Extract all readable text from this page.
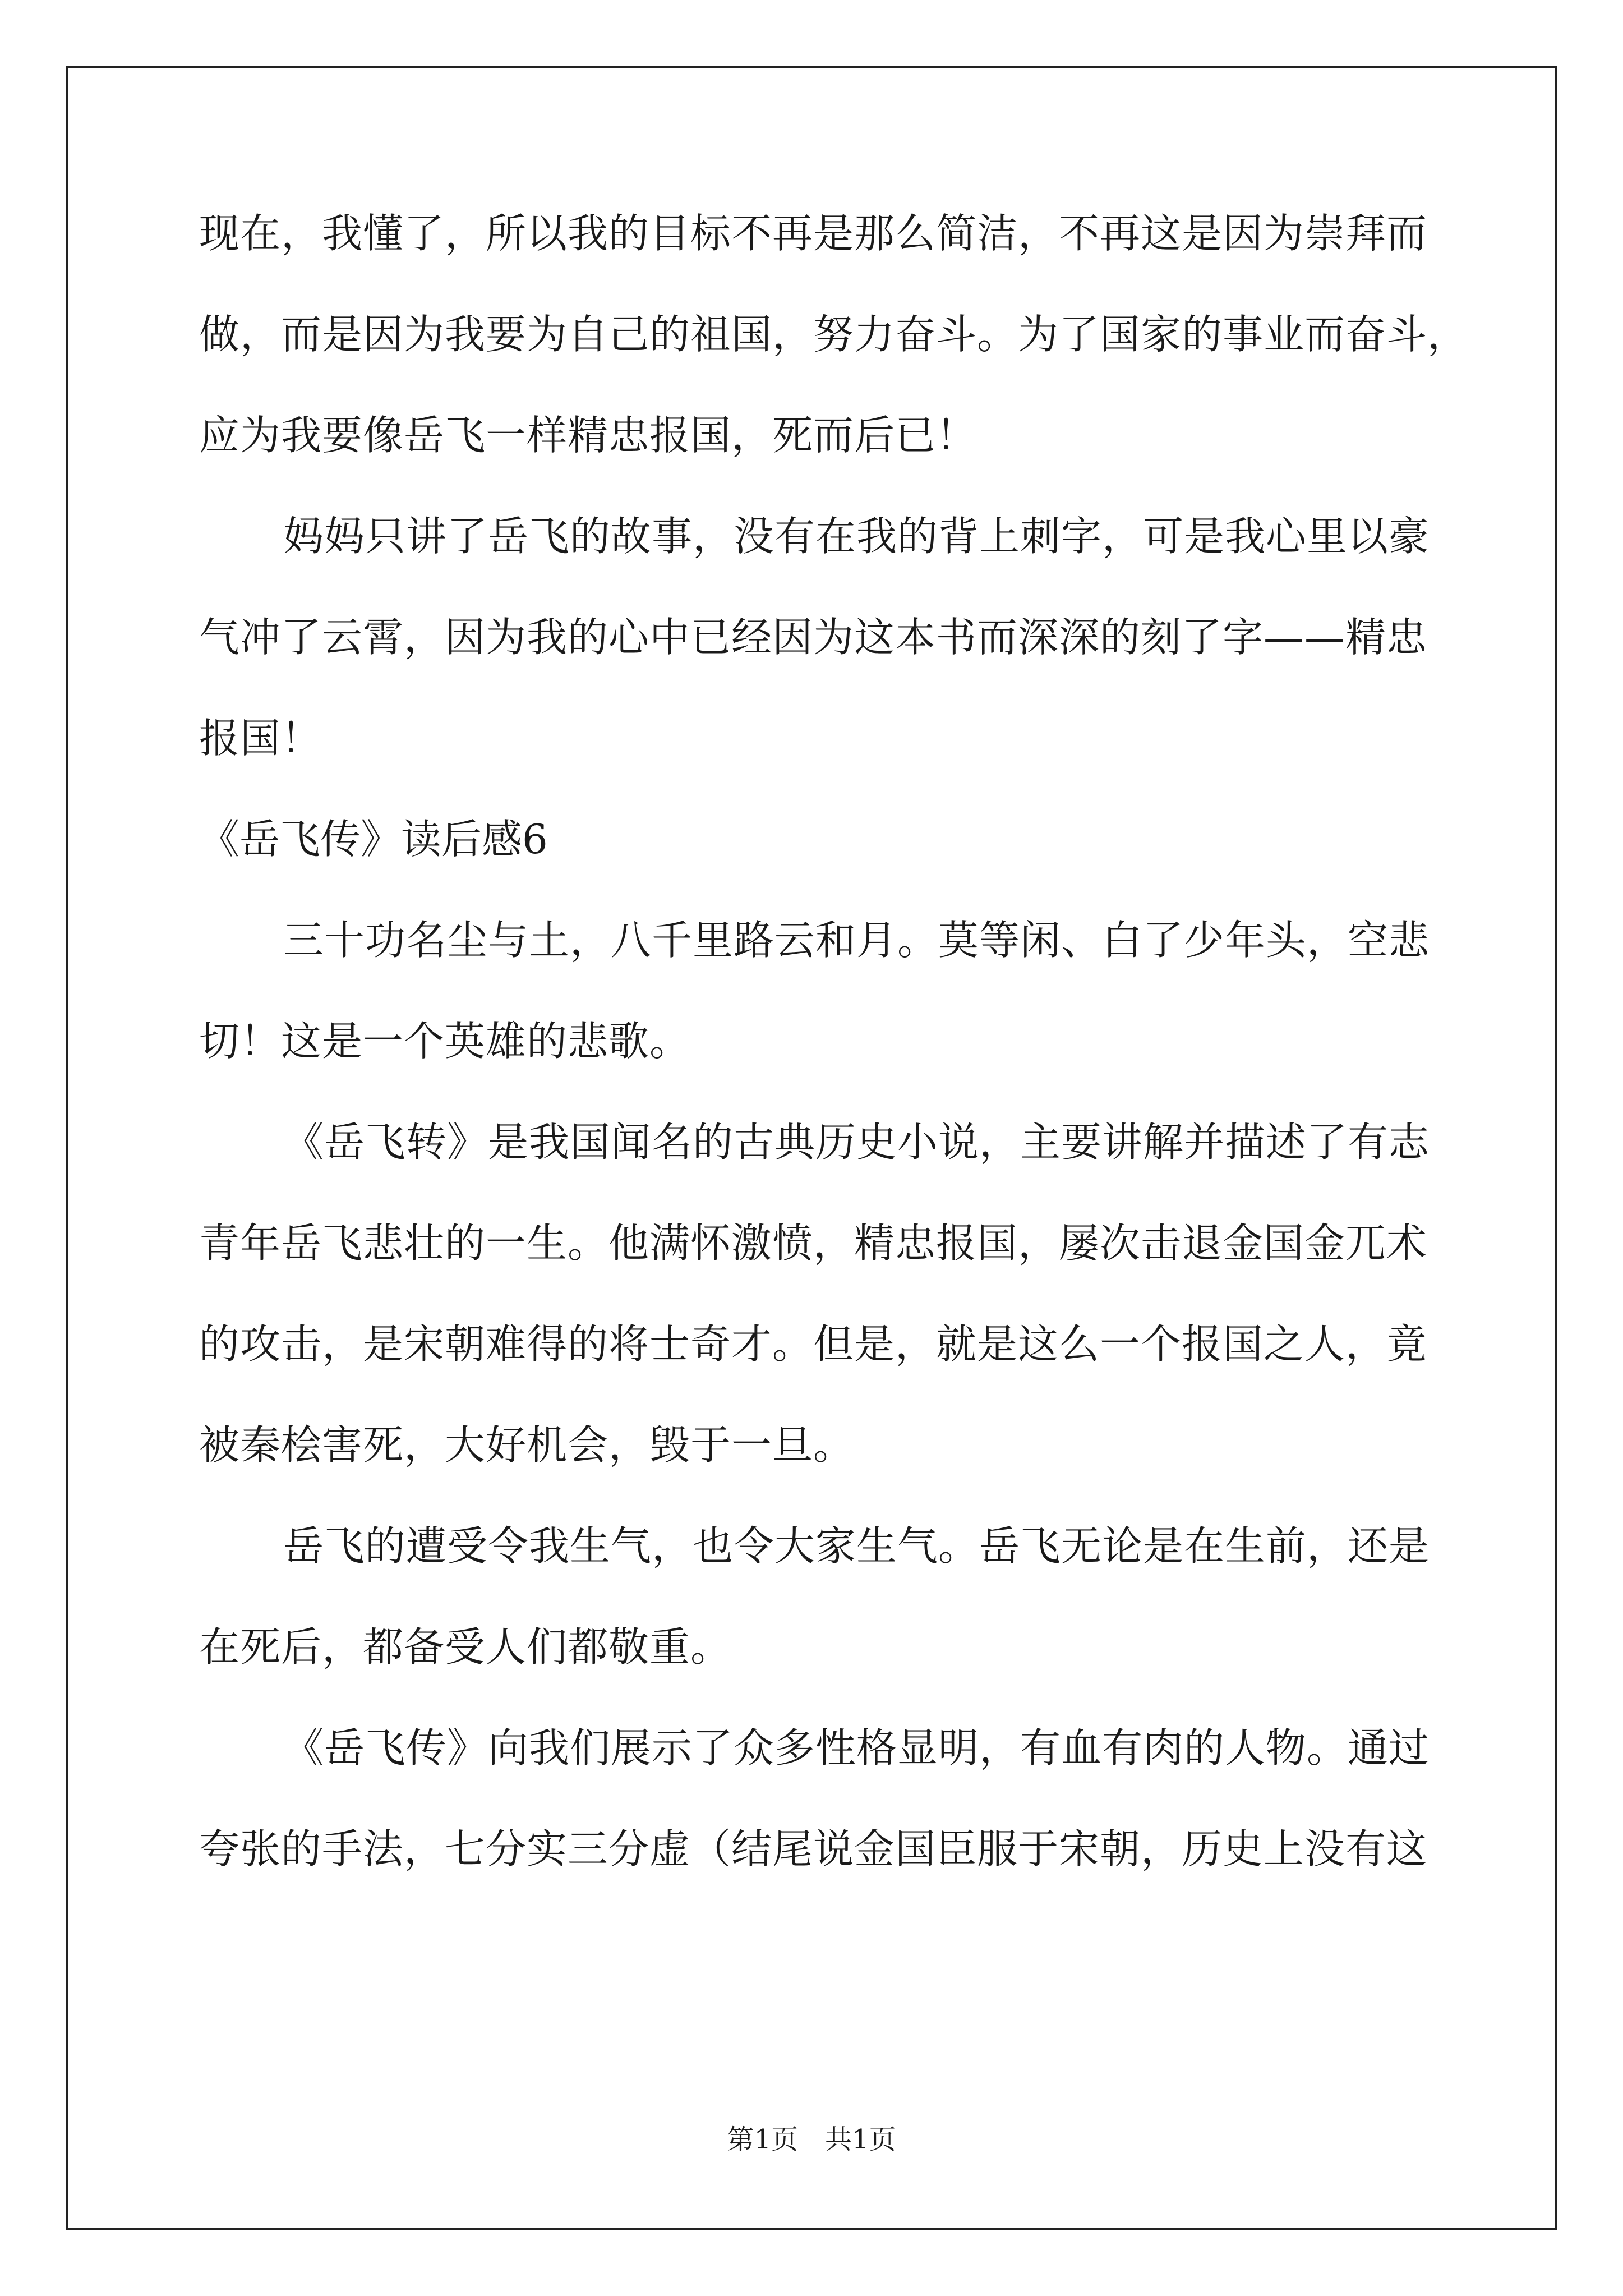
现在，我懂了，所以我的目标不再是那么简洁，不再这是因为崇拜而
做，而是因为我要为自己的祖国，努力奋斗。为了国家的事业而奋斗，
应为我要像岳飞一样精忠报国，死而后已！
妈妈只讲了岳飞的故事，没有在我的背上刺字，可是我心里以豪
气冲了云霄，因为我的心中已经因为这本书而深深的刻了字——精忠
报国！
《岳飞传》读后感6
三十功名尘与土，八千里路云和月。莫等闲、白了少年头，空悲
切！这是一个英雄的悲歌。
《岳飞转》是我国闻名的古典历史小说，主要讲解并描述了有志
青年岳飞悲壮的一生。他满怀激愤，精忠报国，屡次击退金国金兀术
的攻击，是宋朝难得的将士奇才。但是，就是这么一个报国之人，竟
被秦桧害死，大好机会，毁于一旦。
岳飞的遭受令我生气，也令大家生气。岳飞无论是在生前，还是
在死后，都备受人们都敬重。
《岳飞传》向我们展示了众多性格显明，有血有肉的人物。通过
夸张的手法，七分实三分虚（结尾说金国臣服于宋朝，历史上没有这
第1页　共1页
